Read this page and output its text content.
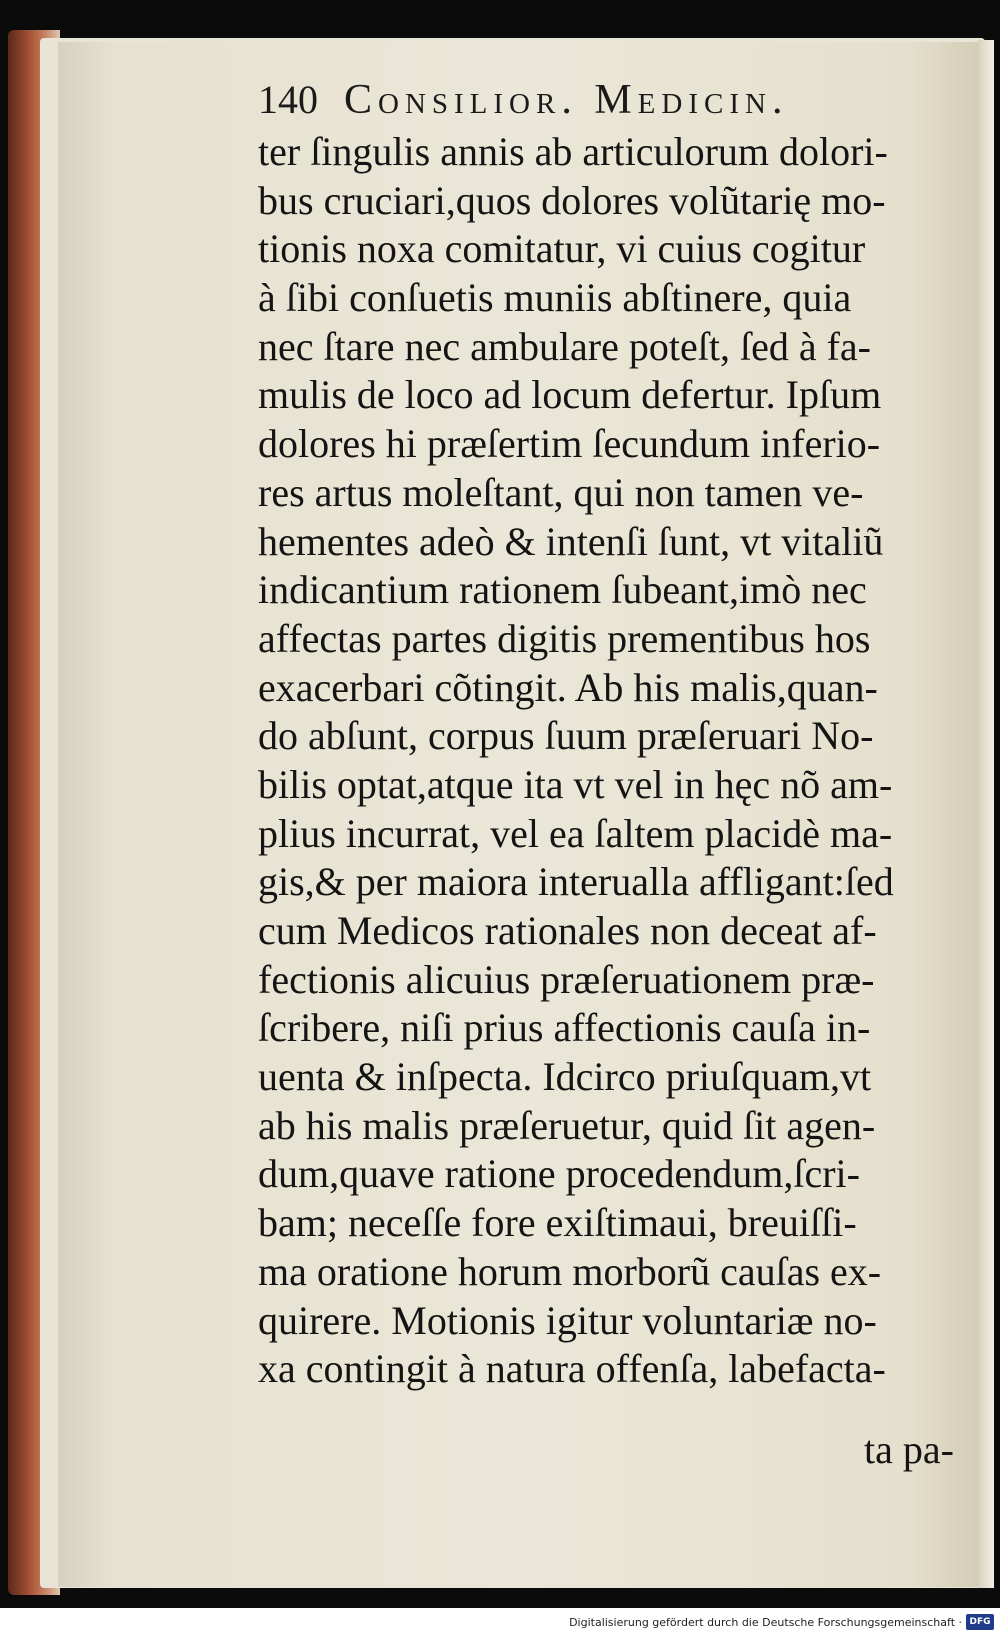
140 Consilior. Medicin.
ter ſingulis annis ab articulorum dolori-
bus cruciari,quos dolores volũtarię mo-
tionis noxa comitatur, vi cuius cogitur
à ſibi conſuetis muniis abſtinere, quia
nec ſtare nec ambulare poteſt, ſed à fa-
mulis de loco ad locum defertur. Ipſum
dolores hi præſertim ſecundum inferio-
res artus moleſtant, qui non tamen ve-
hementes adeò & intenſi ſunt, vt vitaliũ
indicantium rationem ſubeant,imò nec
affectas partes digitis prementibus hos
exacerbari cõtingit. Ab his malis,quan-
do abſunt, corpus ſuum præſeruari No-
bilis optat,atque ita vt vel in hęc nõ am-
plius incurrat, vel ea ſaltem placidè ma-
gis,& per maiora interualla affligant:ſed
cum Medicos rationales non deceat af-
fectionis alicuius præſeruationem præ-
ſcribere, niſi prius affectionis cauſa in-
uenta & inſpecta. Idcirco priuſquam,vt
ab his malis præſeruetur, quid ſit agen-
dum,quave ratione procedendum,ſcri-
bam; neceſſe fore exiſtimaui, breuiſſi-
ma oratione horum morborũ cauſas ex-
quirere. Motionis igitur voluntariæ no-
xa contingit à natura offenſa, labefacta-
ta pa-
Digitalisierung gefördert durch die Deutsche Forschungsgemeinschaft · DFG
